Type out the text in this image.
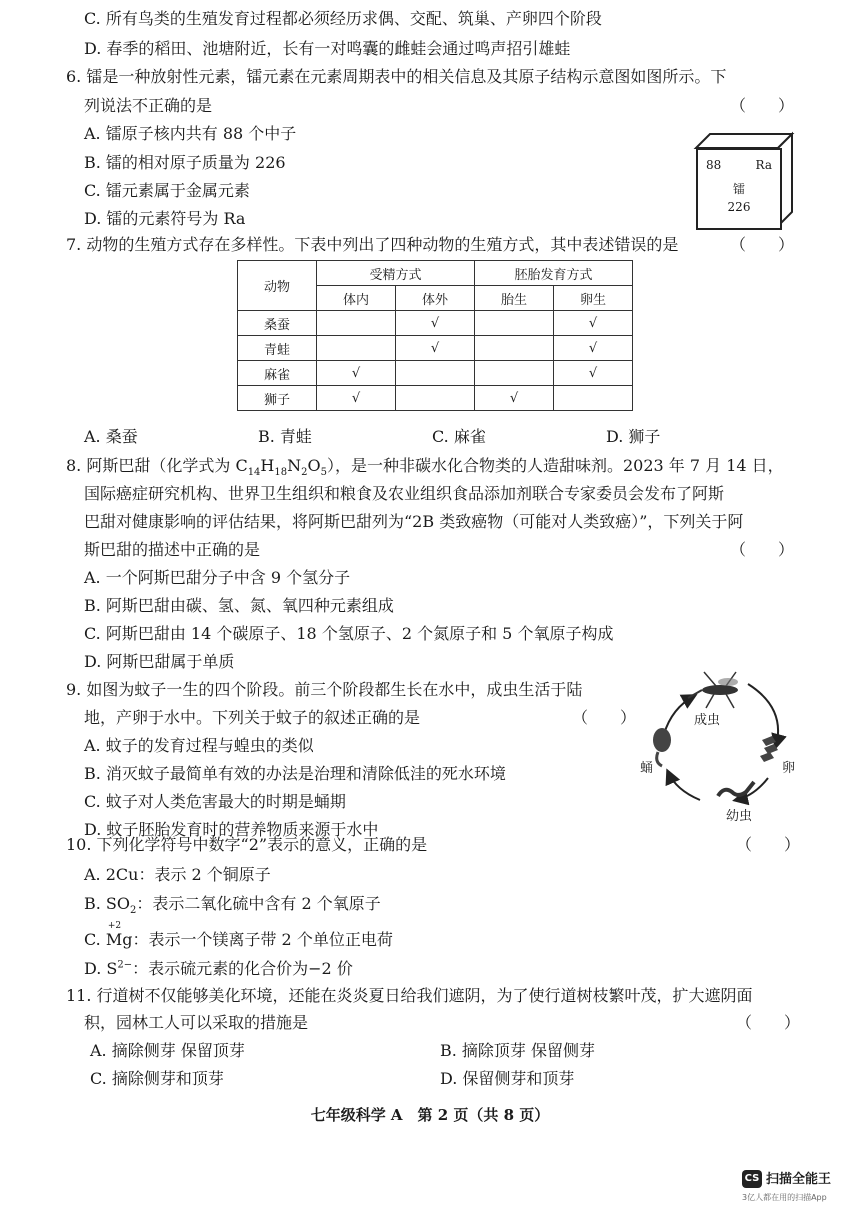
C. 所有鸟类的生殖发育过程都必须经历求偶、交配、筑巢、产卵四个阶段
D. 春季的稻田、池塘附近，长有一对鸣囊的雌蛙会通过鸣声招引雄蛙
6. 镭是一种放射性元素，镭元素在元素周期表中的相关信息及其原子结构示意图如图所示。下
列说法不正确的是	（　　）
A. 镭原子核内共有 88 个中子
B. 镭的相对原子质量为 226
C. 镭元素属于金属元素
D. 镭的元素符号为 Ra
88	Ra
镭
226
7. 动物的生殖方式存在多样性。下表中列出了四种动物的生殖方式，其中表述错误的是	（　　）
动物	受精方式		胚胎发育方式	
	体内	体外	胎生	卵生
桑蚕		√		√
青蛙		√		√
麻雀	√			√
狮子	√		√	
A. 桑蚕	B. 青蛙	C. 麻雀	D. 狮子
8. 阿斯巴甜（化学式为 $C_{14}H_{18}N_2O_5$），是一种非碳水化合物类的人造甜味剂。2023 年 7 月 14 日，
国际癌症研究机构、世界卫生组织和粮食及农业组织食品添加剂联合专家委员会发布了阿斯
巴甜对健康影响的评估结果，将阿斯巴甜列为“2B 类致癌物（可能对人类致癌）”，下列关于阿
斯巴甜的描述中正确的是	（　　）
A. 一个阿斯巴甜分子中含 9 个氢分子
B. 阿斯巴甜由碳、氢、氮、氧四种元素组成
C. 阿斯巴甜由 14 个碳原子、18 个氢原子、2 个氮原子和 5 个氧原子构成
D. 阿斯巴甜属于单质
9. 如图为蚊子一生的四个阶段。前三个阶段都生长在水中，成虫生活于陆
地，产卵于水中。下列关于蚊子的叙述正确的是	（　　）
A. 蚊子的发育过程与蝗虫的类似
B. 消灭蚊子最简单有效的办法是治理和清除低洼的死水环境
C. 蚊子对人类危害最大的时期是蛹期
D. 蚊子胚胎发育时的营养物质来源于水中
成虫
卵
幼虫
蛹
10. 下列化学符号中数字“2”表示的意义，正确的是	（　　）
A. 2Cu：表示 2 个铜原子
B. $SO_2$：表示二氧化硫中含有 2 个氧原子
C.
+2
Mg：表示一个镁离子带 2 个单位正电荷
D. $S^{2-}$：表示硫元素的化合价为−2 价
11. 行道树不仅能够美化环境，还能在炎炎夏日给我们遮阴，为了使行道树枝繁叶茂，扩大遮阴面
积，园林工人可以采取的措施是	（　　）
A. 摘除侧芽 保留顶芽	B. 摘除顶芽 保留侧芽
C. 摘除侧芽和顶芽	D. 保留侧芽和顶芽
七年级科学 A　第 2 页（共 8 页）
CS 扫描全能王
3亿人都在用的扫描App
